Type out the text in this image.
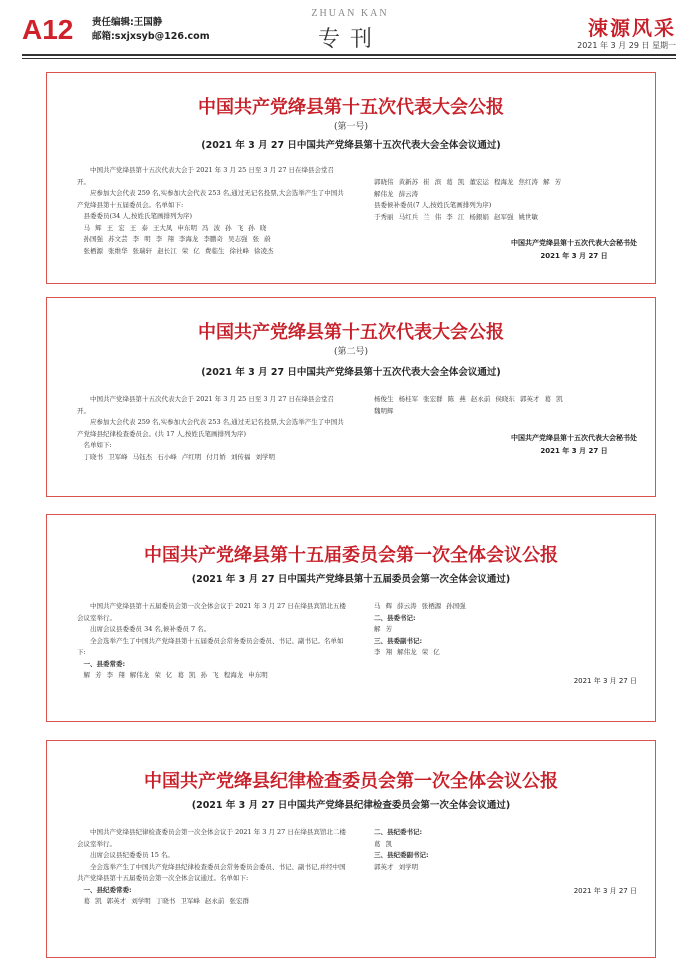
A12 责任编辑:王国静
邮箱:sxjxsyb@126.com
ZHUAN KAN
专刊	涑源风采
2021 年 3 月 29 日 星期一
中国共产党绛县第十五次代表大会公报
(第一号)
(2021 年 3 月 27 日中国共产党绛县第十五次代表大会全体会议通过)
中国共产党绛县第十五次代表大会于 2021 年 3 月 25 日至 3 月 27 日在绛县会堂召开。
应参加大会代表 259 名,实参加大会代表 253 名,通过无记名投票,大会选举产生了中国共产党绛县第十五届委员会。名单如下:
县委委员(34 人,按姓氏笔画排列为序)
马 辉 王 宏 王 泰 王大凤 申东明 冯 波 孙 飞 孙 晓
孙国强 苏文芸 李 明 李 翔 李海龙 李鹏奇 吴志强 张 蔚
张栖源 张维华 张瑞轩 赵长江 荣 亿 费临生 徐社峰 徐凌杰
郭晓伟 黄新苏 崔 滨 葛 凯 董宏运 程海龙 焦红涛 解 芳
解伟龙 薛云涛
县委候补委员(7 人,按姓氏笔画排列为序)
于秀丽 马红兵 兰 伟 李 江 杨銀娟 赵军强 姚世敏
中国共产党绛县第十五次代表大会秘书处
2021 年 3 月 27 日
中国共产党绛县第十五次代表大会公报
(第二号)
(2021 年 3 月 27 日中国共产党绛县第十五次代表大会全体会议通过)
中国共产党绛县第十五次代表大会于 2021 年 3 月 25 日至 3 月 27 日在绛县会堂召开。
应参加大会代表 259 名,实参加大会代表 253 名,通过无记名投票,大会选举产生了中国共产党绛县纪律检查委员会。(共 17 人,按姓氏笔画排列为序)
名单如下:
丁晓书 卫军峰 马钰杰 石小峰 卢红明 付月娇 刘传福 刘学明
杨俊生 杨桂军 张宏群 陈 燕 赵永前 侯晓东 郭英才 葛 凯
魏明辉
中国共产党绛县第十五次代表大会秘书处
2021 年 3 月 27 日
中国共产党绛县第十五届委员会第一次全体会议公报
(2021 年 3 月 27 日中国共产党绛县第十五届委员会第一次全体会议通过)
中国共产党绛县第十五届委员会第一次全体会议于 2021 年 3 月 27 日在绛县宾馆北五楼会议室举行。
出席会议县委委员 34 名,候补委员 7 名。
全会选举产生了中国共产党绛县第十五届委员会常务委员会委员、书记、副书记。名单如下:
一、县委常委:
解 芳 李 翔 解伟龙 荣 亿 葛 凯 孙 飞 程海龙 申东明
马 辉 薛云涛 张栖源 孙国强
二、县委书记:
解 芳
三、县委副书记:
李 翔 解伟龙 荣 亿
2021 年 3 月 27 日
中国共产党绛县纪律检查委员会第一次全体会议公报
(2021 年 3 月 27 日中国共产党绛县纪律检查委员会第一次全体会议通过)
中国共产党绛县纪律检查委员会第一次全体会议于 2021 年 3 月 27 日在绛县宾馆北二楼会议室举行。
出席会议县纪委委员 15 名。
全会选举产生了中国共产党绛县纪律检查委员会常务委员会委员、书记、副书记,并经中国共产党绛县第十五届委员会第一次全体会议通过。名单如下:
一、县纪委常委:
葛 凯 郭英才 刘学明 丁晓书 卫军峰 赵永前 张宏群
二、县纪委书记:
葛 凯
三、县纪委副书记:
郭英才 刘学明
2021 年 3 月 27 日
